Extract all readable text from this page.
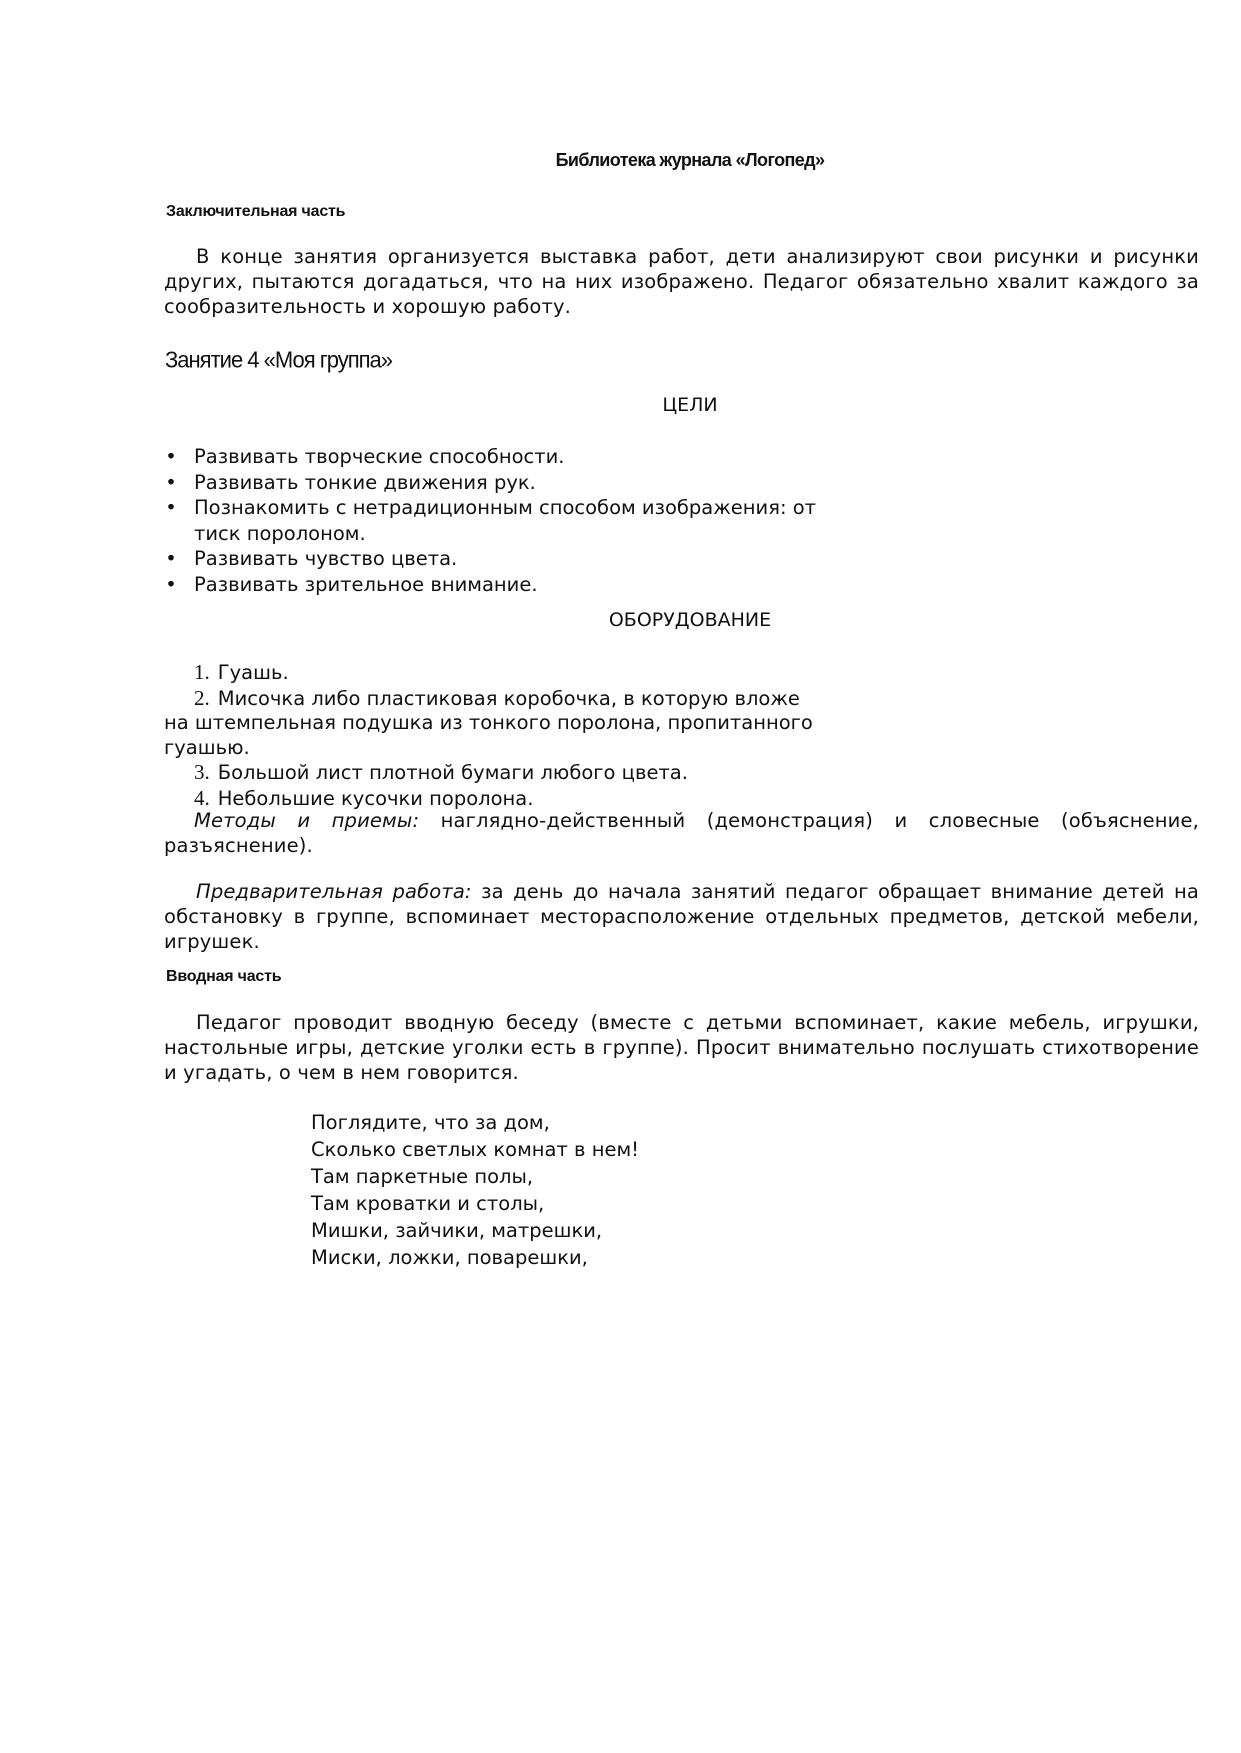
Библиотека журнала «Логопед»
Заключительная часть

В конце занятия организуется выставка работ, дети анализируют свои рисунки и рисунки других, пытаются догадаться, что на них изображено. Педагог обязательно хвалит каждого за сообразительность и хорошую работу.

Занятие 4 «Моя группа»
ЦЕЛИ
• Развивать творческие способности.
• Развивать тонкие движения рук.
• Познакомить с нетрадиционным способом изображения: от
тиск поролоном.
• Развивать чувство цвета.
• Развивать зрительное внимание.
ОБОРУДОВАНИЕ
1. Гуашь.
2. Мисочка либо пластиковая коробочка, в которую вложе
на штемпельная подушка из тонкого поролона, пропитанного
гуашью.
3. Большой лист плотной бумаги любого цвета.
4. Небольшие кусочки поролона.

Методы и приемы: наглядно-действенный (демонстрация) и словесные (объяснение, разъяснение).

Предварительная работа: за день до начала занятий педагог обращает внимание детей на обстановку в группе, вспоминает месторасположение отдельных предметов, детской мебели, игрушек.

Вводная часть

Педагог проводит вводную беседу (вместе с детьми вспоминает, какие мебель, игрушки, настольные игры, детские уголки есть в группе). Просит внимательно послушать стихотворение и угадать, о чем в нем говорится.

Поглядите, что за дом,
Сколько светлых комнат в нем!
Там паркетные полы,
Там кроватки и столы,
Мишки, зайчики, матрешки,
Миски, ложки, поварешки,
